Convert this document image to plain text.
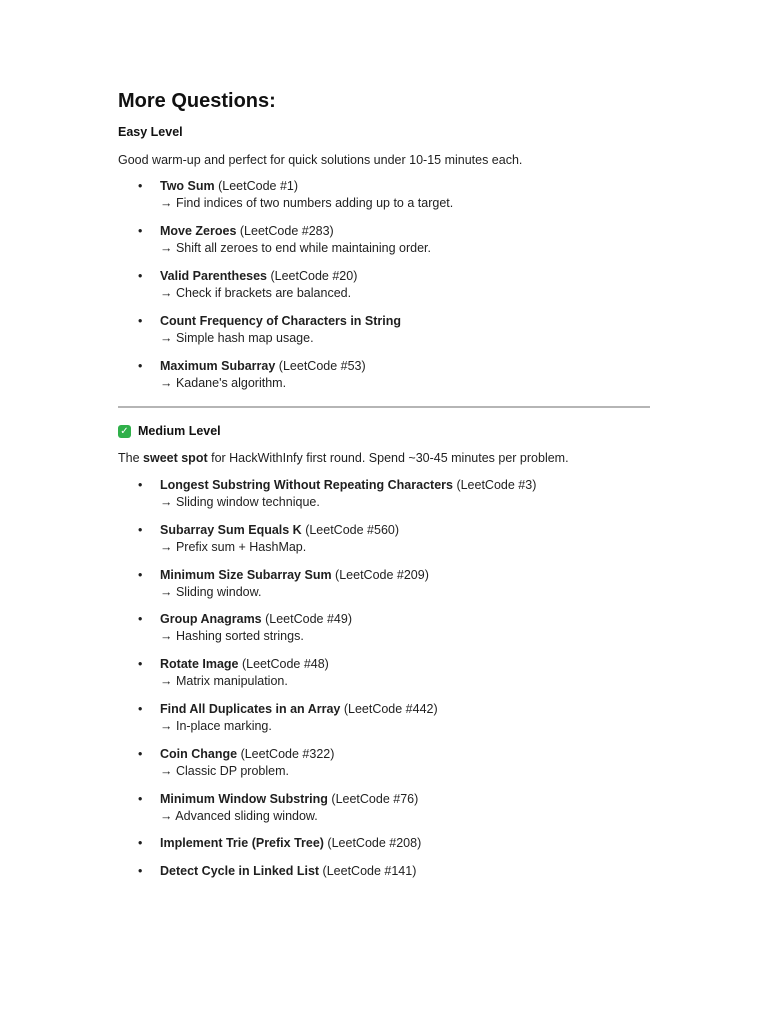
More Questions:
Easy Level
Good warm-up and perfect for quick solutions under 10-15 minutes each.
• Two Sum (LeetCode #1)
→ Find indices of two numbers adding up to a target.
• Move Zeroes (LeetCode #283)
→ Shift all zeroes to end while maintaining order.
• Valid Parentheses (LeetCode #20)
→ Check if brackets are balanced.
• Count Frequency of Characters in String
→ Simple hash map usage.
• Maximum Subarray (LeetCode #53)
→ Kadane's algorithm.
✓ Medium Level
The sweet spot for HackWithInfy first round. Spend ~30-45 minutes per problem.
• Longest Substring Without Repeating Characters (LeetCode #3)
→ Sliding window technique.
• Subarray Sum Equals K (LeetCode #560)
→ Prefix sum + HashMap.
• Minimum Size Subarray Sum (LeetCode #209)
→ Sliding window.
• Group Anagrams (LeetCode #49)
→ Hashing sorted strings.
• Rotate Image (LeetCode #48)
→ Matrix manipulation.
• Find All Duplicates in an Array (LeetCode #442)
→ In-place marking.
• Coin Change (LeetCode #322)
→ Classic DP problem.
• Minimum Window Substring (LeetCode #76)
→ Advanced sliding window.
• Implement Trie (Prefix Tree) (LeetCode #208)
• Detect Cycle in Linked List (LeetCode #141)
